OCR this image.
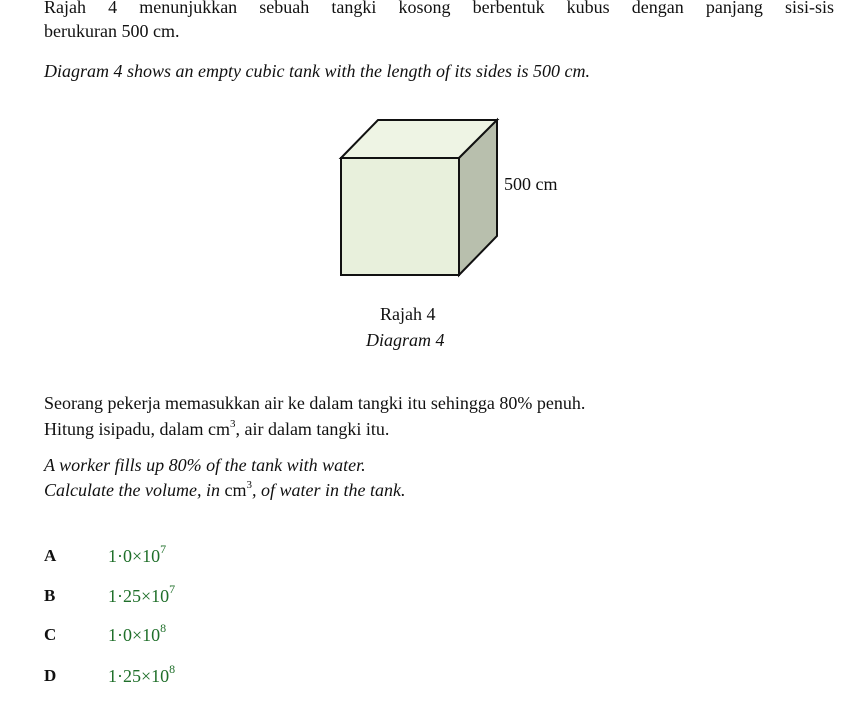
Rajah 4 menunjukkan sebuah tangki kosong berbentuk kubus dengan panjang sisi-sis
berukuran 500 cm.
Diagram 4 shows an empty cubic tank with the length of its sides is 500 cm.
500 cm
Rajah 4
Diagram 4
Seorang pekerja memasukkan air ke dalam tangki itu sehingga 80% penuh.
Hitung isipadu, dalam $cm^3$, air dalam tangki itu.
A worker fills up 80% of the tank with water.
Calculate the volume, in $cm^3$, of water in the tank.
A	$1\cdot 0\times 10^7$
B	$1\cdot 25\times 10^7$
C	$1\cdot 0\times 10^8$
D	$1\cdot 25\times 10^8$
